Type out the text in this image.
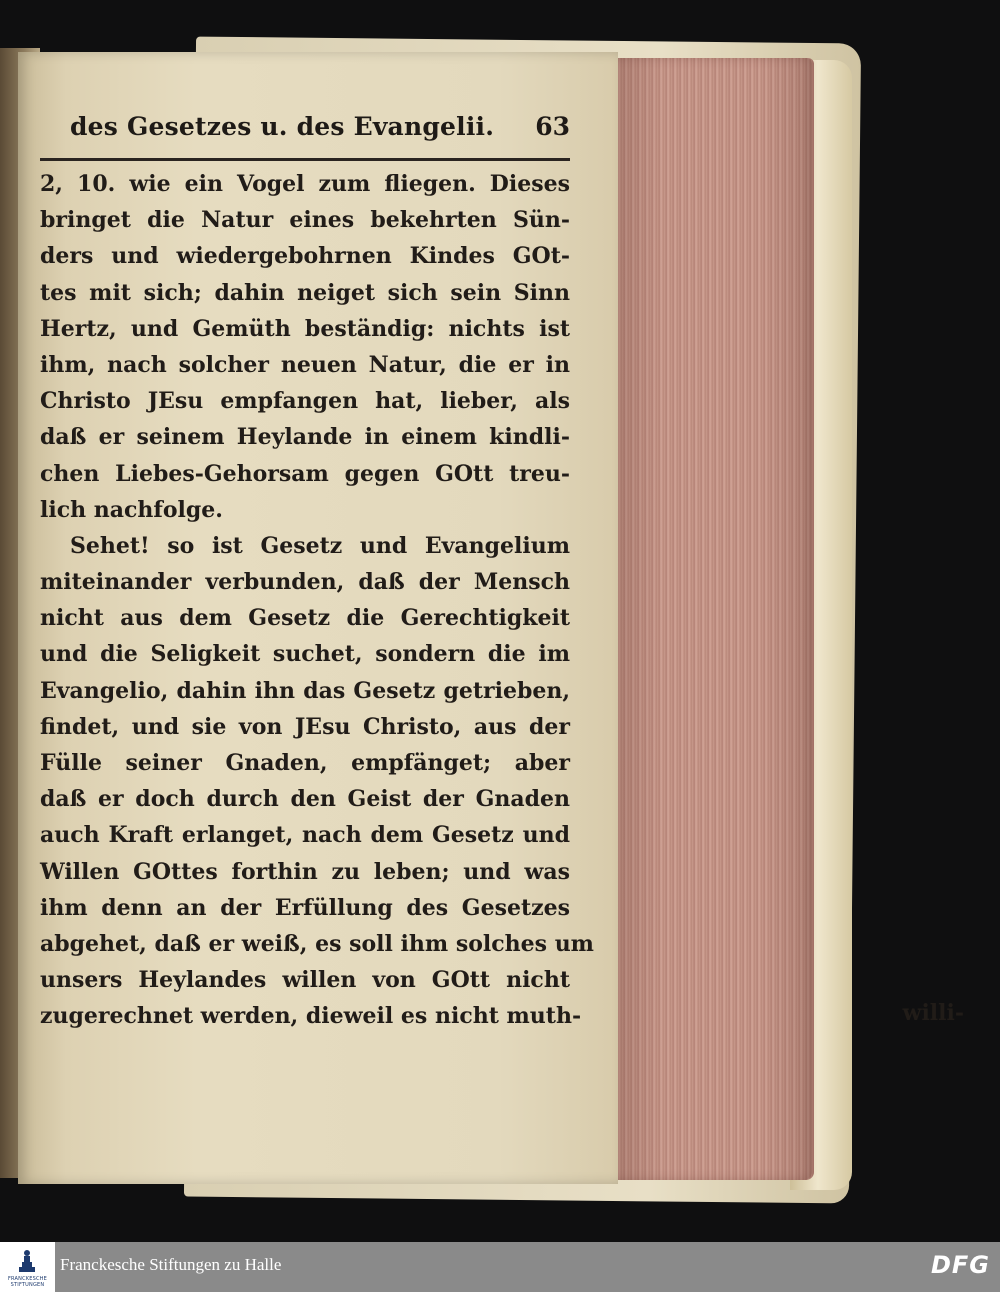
des Gesetzes u. des Evangelii. 63
2, 10. wie ein Vogel zum fliegen. Dieses
bringet die Natur eines bekehrten Sün-
ders und wiedergebohrnen Kindes GOt-
tes mit sich; dahin neiget sich sein Sinn
Hertz, und Gemüth beständig: nichts ist
ihm, nach solcher neuen Natur, die er in
Christo JEsu empfangen hat, lieber, als
daß er seinem Heylande in einem kindli-
chen Liebes-Gehorsam gegen GOtt treu-
lich nachfolge.
Sehet! so ist Gesetz und Evangelium
miteinander verbunden, daß der Mensch
nicht aus dem Gesetz die Gerechtigkeit
und die Seligkeit suchet, sondern die im
Evangelio, dahin ihn das Gesetz getrieben,
findet, und sie von JEsu Christo, aus der
Fülle seiner Gnaden, empfänget; aber
daß er doch durch den Geist der Gnaden
auch Kraft erlanget, nach dem Gesetz und
Willen GOttes forthin zu leben; und was
ihm denn an der Erfüllung des Gesetzes
abgehet, daß er weiß, es soll ihm solches um
unsers Heylandes willen von GOtt nicht
zugerechnet werden, dieweil es nicht muth-	willi-
FRANCKESCHE STIFTUNGEN
Franckesche Stiftungen zu Halle	DFG
